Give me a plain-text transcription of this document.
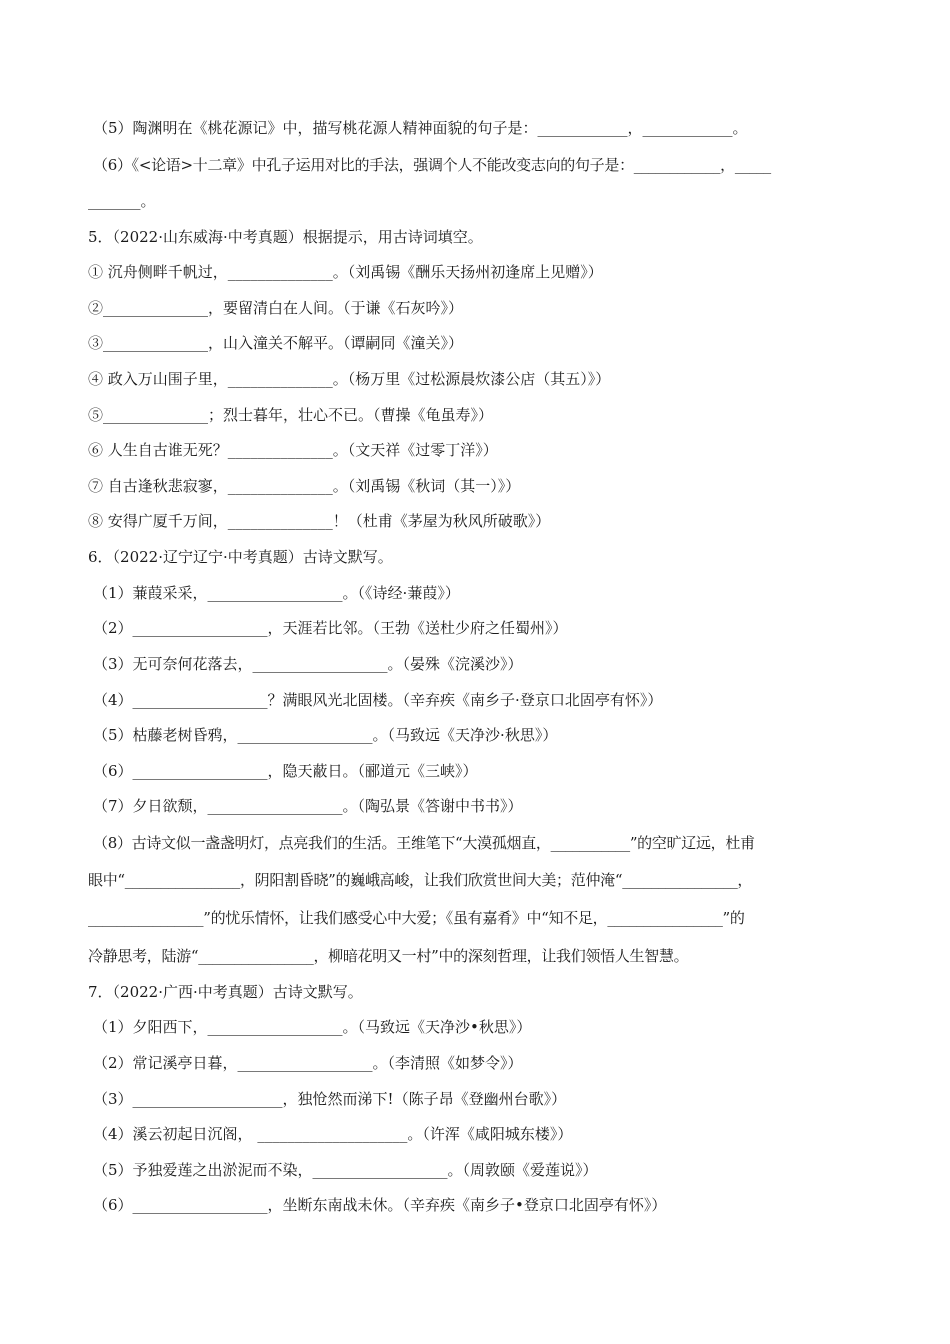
（5）陶渊明在《桃花源记》中，描写桃花源人精神面貌的句子是：____________，____________。
（6）《<论语>十二章》中孔子运用对比的手法，强调个人不能改变志向的句子是：____________，_____
_______。
5．（2022·山东威海·中考真题）根据提示，用古诗词填空。
① 沉舟侧畔千帆过，______________。（刘禹锡《酬乐天扬州初逢席上见赠》）
②______________，要留清白在人间。（于谦《石灰吟》）
③______________，山入潼关不解平。（谭嗣同《潼关》）
④ 政入万山围子里，______________。（杨万里《过松源晨炊漆公店（其五）》）
⑤______________；烈士暮年，壮心不已。（曹操《龟虽寿》）
⑥ 人生自古谁无死？______________。（文天祥《过零丁洋》）
⑦ 自古逢秋悲寂寥，______________。（刘禹锡《秋词（其一）》）
⑧ 安得广厦千万间，______________！（杜甫《茅屋为秋风所破歌》）
6．（2022·辽宁辽宁·中考真题）古诗文默写。
（1）蒹葭采采，__________________。（《诗经·蒹葭》）
（2）__________________，天涯若比邻。（王勃《送杜少府之任蜀州》）
（3）无可奈何花落去，__________________。（晏殊《浣溪沙》）
（4）__________________？满眼风光北固楼。（辛弃疾《南乡子·登京口北固亭有怀》）
（5）枯藤老树昏鸦，__________________。（马致远《天净沙·秋思》）
（6）__________________，隐天蔽日。（郦道元《三峡》）
（7）夕日欲颓，__________________。（陶弘景《答谢中书书》）
（8）古诗文似一盏盏明灯，点亮我们的生活。王维笔下“大漠孤烟直，___________”的空旷辽远，杜甫
眼中“________________，阴阳割昏晓”的巍峨高峻，让我们欣赏世间大美；范仲淹“________________，
________________”的忧乐情怀，让我们感受心中大爱；《虽有嘉肴》中“知不足，________________”的
冷静思考，陆游“________________，柳暗花明又一村”中的深刻哲理，让我们领悟人生智慧。
7．（2022·广西·中考真题）古诗文默写。
（1）夕阳西下，__________________。（马致远《天净沙•秋思》）
（2）常记溪亭日暮，__________________。（李清照《如梦令》）
（3）____________________，独怆然而涕下!（陈子昂《登幽州台歌》）
（4）溪云初起日沉阁， ____________________。（许浑《咸阳城东楼》）
（5）予独爱莲之出淤泥而不染，__________________。（周敦颐《爱莲说》）
（6）__________________，坐断东南战未休。（辛弃疾《南乡子•登京口北固亭有怀》）
